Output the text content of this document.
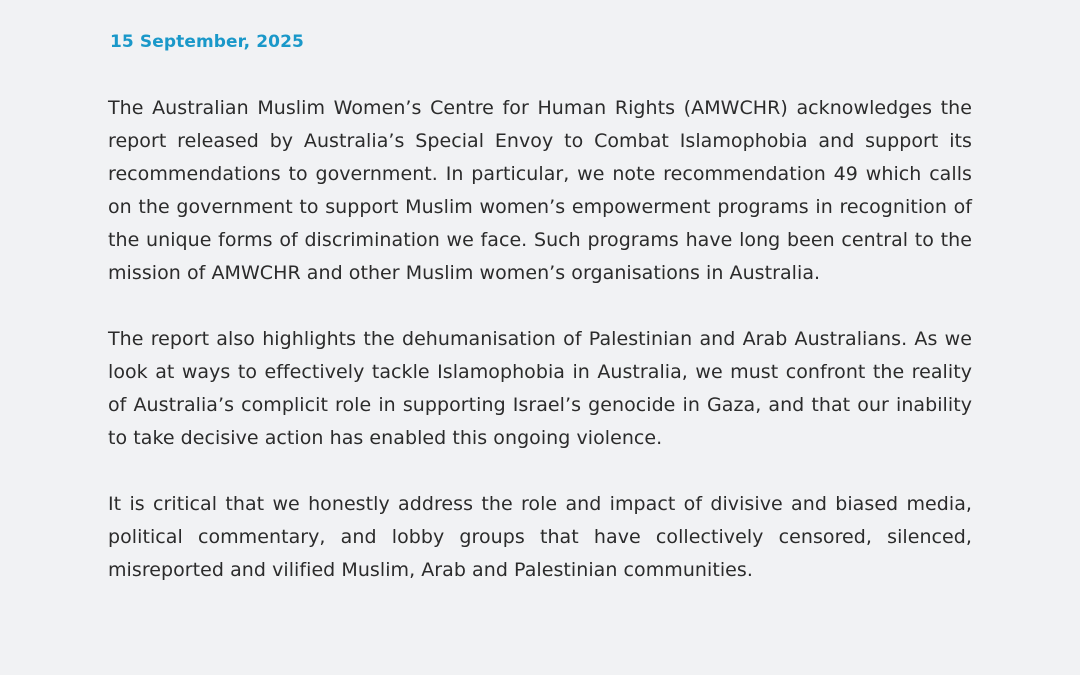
15 September, 2025

The Australian Muslim Women’s Centre for Human Rights (AMWCHR) acknowledges the report released by Australia’s Special Envoy to Combat Islamophobia and support its recommendations to government. In particular, we note recommendation 49 which calls on the government to support Muslim women’s empowerment programs in recognition of the unique forms of discrimination we face. Such programs have long been central to the mission of AMWCHR and other Muslim women’s organisations in Australia.

The report also highlights the dehumanisation of Palestinian and Arab Australians. As we look at ways to effectively tackle Islamophobia in Australia, we must confront the reality of Australia’s complicit role in supporting Israel’s genocide in Gaza, and that our inability to take decisive action has enabled this ongoing violence.

It is critical that we honestly address the role and impact of divisive and biased media, political commentary, and lobby groups that have collectively censored, silenced, misreported and vilified Muslim, Arab and Palestinian communities.
